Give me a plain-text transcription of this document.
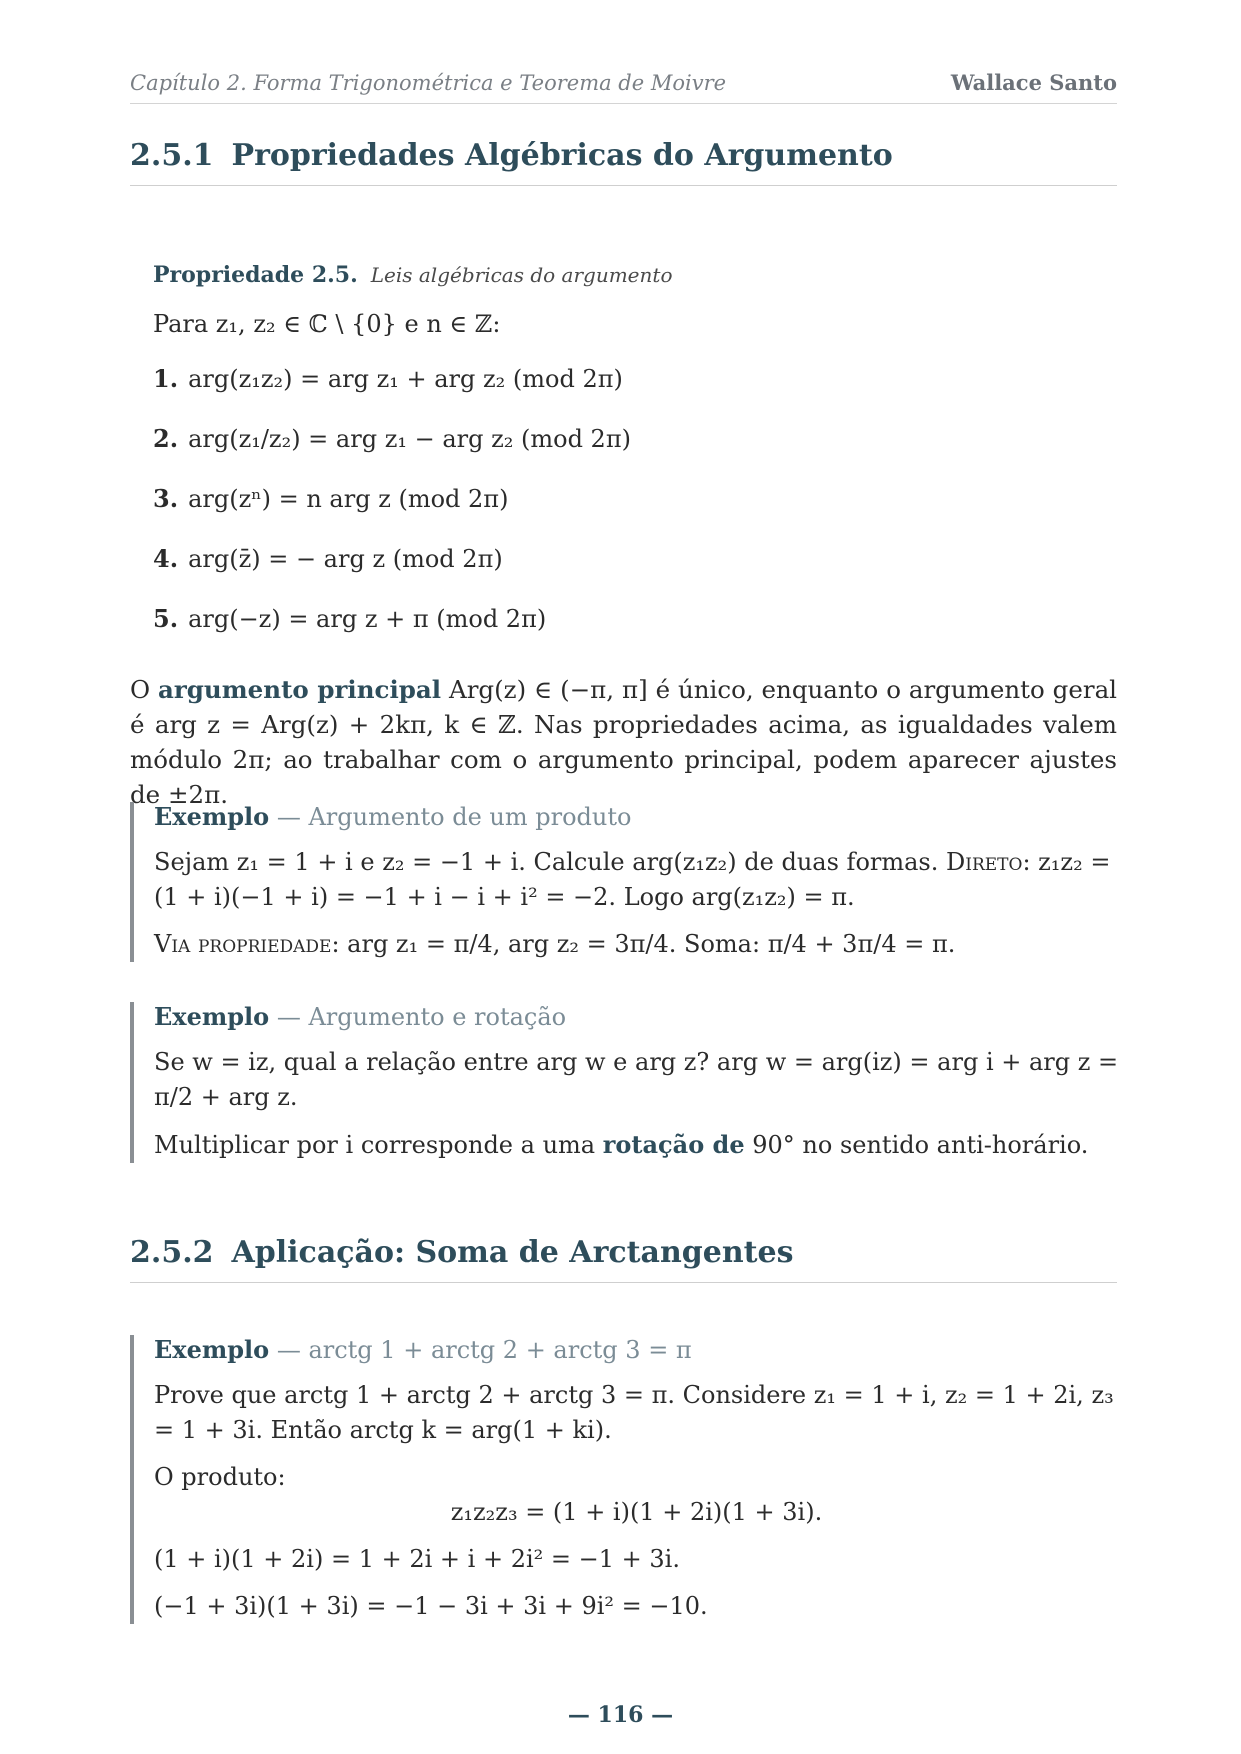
Capítulo 2. Forma Trigonométrica e Teorema de Moivre	Wallace Santo
2.5.1 Propriedades Algébricas do Argumento
Propriedade 2.5. Leis algébricas do argumento
Para z₁, z₂ ∈ ℂ \ {0} e n ∈ ℤ:
1. arg(z₁z₂) = arg z₁ + arg z₂ (mod 2π)
2. arg(z₁/z₂) = arg z₁ − arg z₂ (mod 2π)
3. arg(zⁿ) = n arg z (mod 2π)
4. arg(z̄) = − arg z (mod 2π)
5. arg(−z) = arg z + π (mod 2π)
O argumento principal Arg(z) ∈ (−π, π] é único, enquanto o argumento geral é arg z = Arg(z) + 2kπ, k ∈ ℤ. Nas propriedades acima, as igualdades valem módulo 2π; ao trabalhar com o argumento principal, podem aparecer ajustes de ±2π.
Exemplo — Argumento de um produto
Sejam z₁ = 1 + i e z₂ = −1 + i. Calcule arg(z₁z₂) de duas formas. Direto: z₁z₂ = (1 + i)(−1 + i) = −1 + i − i + i² = −2. Logo arg(z₁z₂) = π.
Via propriedade: arg z₁ = π/4, arg z₂ = 3π/4. Soma: π/4 + 3π/4 = π.
Exemplo — Argumento e rotação
Se w = iz, qual a relação entre arg w e arg z? arg w = arg(iz) = arg i + arg z = π/2 + arg z.
Multiplicar por i corresponde a uma rotação de 90° no sentido anti-horário.
2.5.2 Aplicação: Soma de Arctangentes
Exemplo — arctg 1 + arctg 2 + arctg 3 = π
Prove que arctg 1 + arctg 2 + arctg 3 = π. Considere z₁ = 1 + i, z₂ = 1 + 2i, z₃ = 1 + 3i. Então arctg k = arg(1 + ki).
O produto:
z₁z₂z₃ = (1 + i)(1 + 2i)(1 + 3i).
(1 + i)(1 + 2i) = 1 + 2i + i + 2i² = −1 + 3i.
(−1 + 3i)(1 + 3i) = −1 − 3i + 3i + 9i² = −10.
— 116 —
